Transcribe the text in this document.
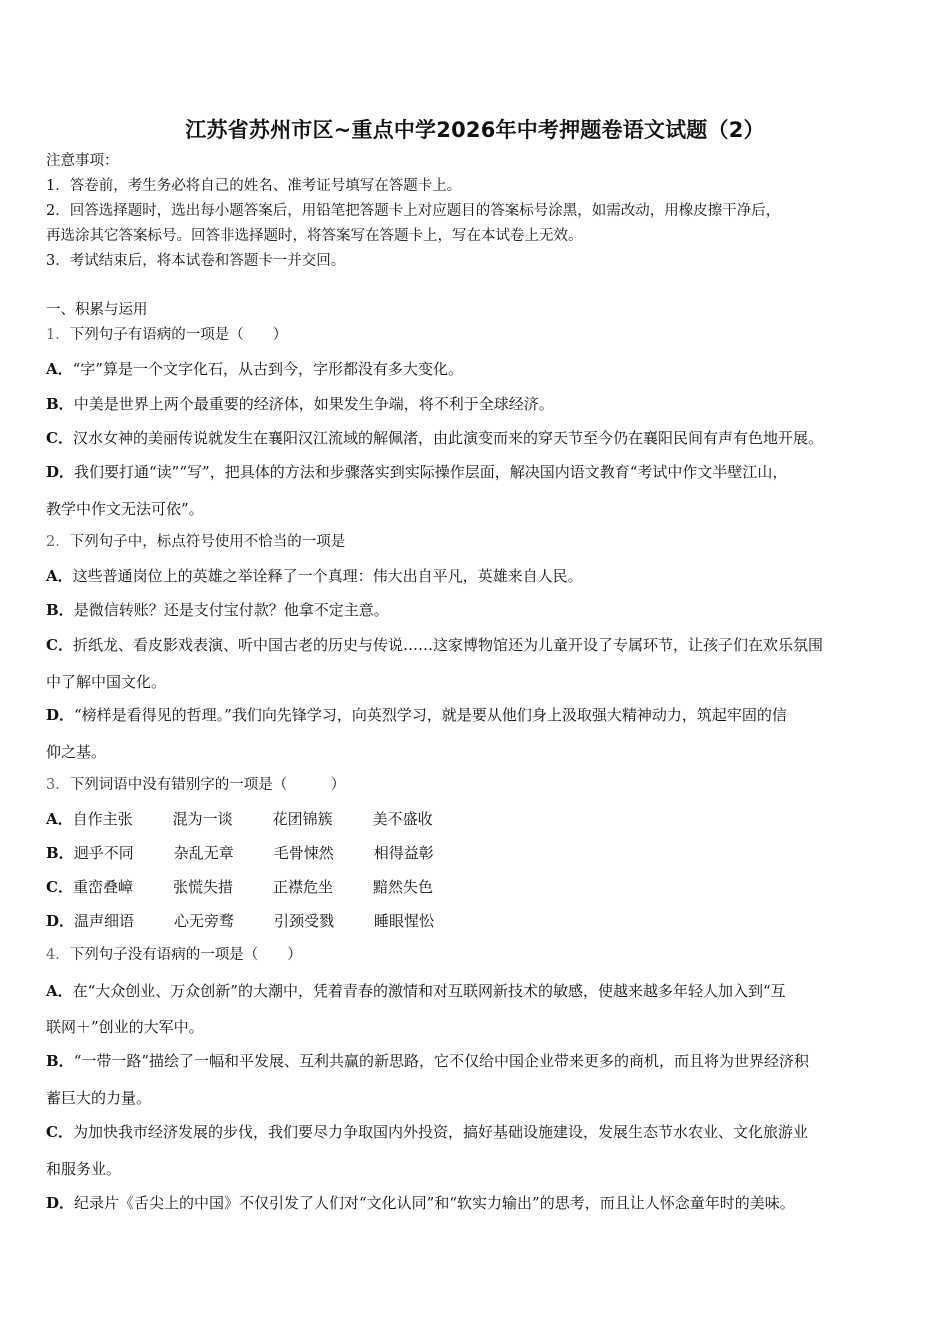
江苏省苏州市区~重点中学2026年中考押题卷语文试题（2）
注意事项：
1．答卷前，考生务必将自己的姓名、准考证号填写在答题卡上。
2．回答选择题时，选出每小题答案后，用铅笔把答题卡上对应题目的答案标号涂黑，如需改动，用橡皮擦干净后，
再选涂其它答案标号。回答非选择题时，将答案写在答题卡上，写在本试卷上无效。
3．考试结束后，将本试卷和答题卡一并交回。
一、积累与运用
1．下列句子有语病的一项是（　　）
A．“字”算是一个文字化石，从古到今，字形都没有多大变化。
B．中美是世界上两个最重要的经济体，如果发生争端，将不利于全球经济。
C．汉水女神的美丽传说就发生在襄阳汉江流域的解佩渚，由此演变而来的穿天节至今仍在襄阳民间有声有色地开展。
D．我们要打通“读”“写”，把具体的方法和步骤落实到实际操作层面，解决国内语文教育“考试中作文半壁江山，
教学中作文无法可依”。
2．下列句子中，标点符号使用不恰当的一项是
A．这些普通岗位上的英雄之举诠释了一个真理：伟大出自平凡，英雄来自人民。
B．是微信转账？还是支付宝付款？他拿不定主意。
C．折纸龙、看皮影戏表演、听中国古老的历史与传说……这家博物馆还为儿童开设了专属环节，让孩子们在欢乐氛围
中了解中国文化。
D．“榜样是看得见的哲理。”我们向先锋学习，向英烈学习，就是要从他们身上汲取强大精神动力，筑起牢固的信
仰之基。
3．下列词语中没有错别字的一项是（　　　）
A．自作主张	混为一谈	花团锦簇	美不盛收
B．迥乎不同	杂乱无章	毛骨悚然	相得益彰
C．重峦叠嶂	张慌失措	正襟危坐	黯然失色
D．温声细语	心无旁骛	引颈受戮	睡眼惺忪
4．下列句子没有语病的一项是（　　）
A．在“大众创业、万众创新”的大潮中，凭着青春的激情和对互联网新技术的敏感，使越来越多年轻人加入到“互
联网＋”创业的大军中。
B．“一带一路”描绘了一幅和平发展、互利共赢的新思路，它不仅给中国企业带来更多的商机，而且将为世界经济积
蓄巨大的力量。
C．为加快我市经济发展的步伐，我们要尽力争取国内外投资，搞好基础设施建设，发展生态节水农业、文化旅游业
和服务业。
D．纪录片《舌尖上的中国》不仅引发了人们对“文化认同”和“软实力输出”的思考，而且让人怀念童年时的美味。
